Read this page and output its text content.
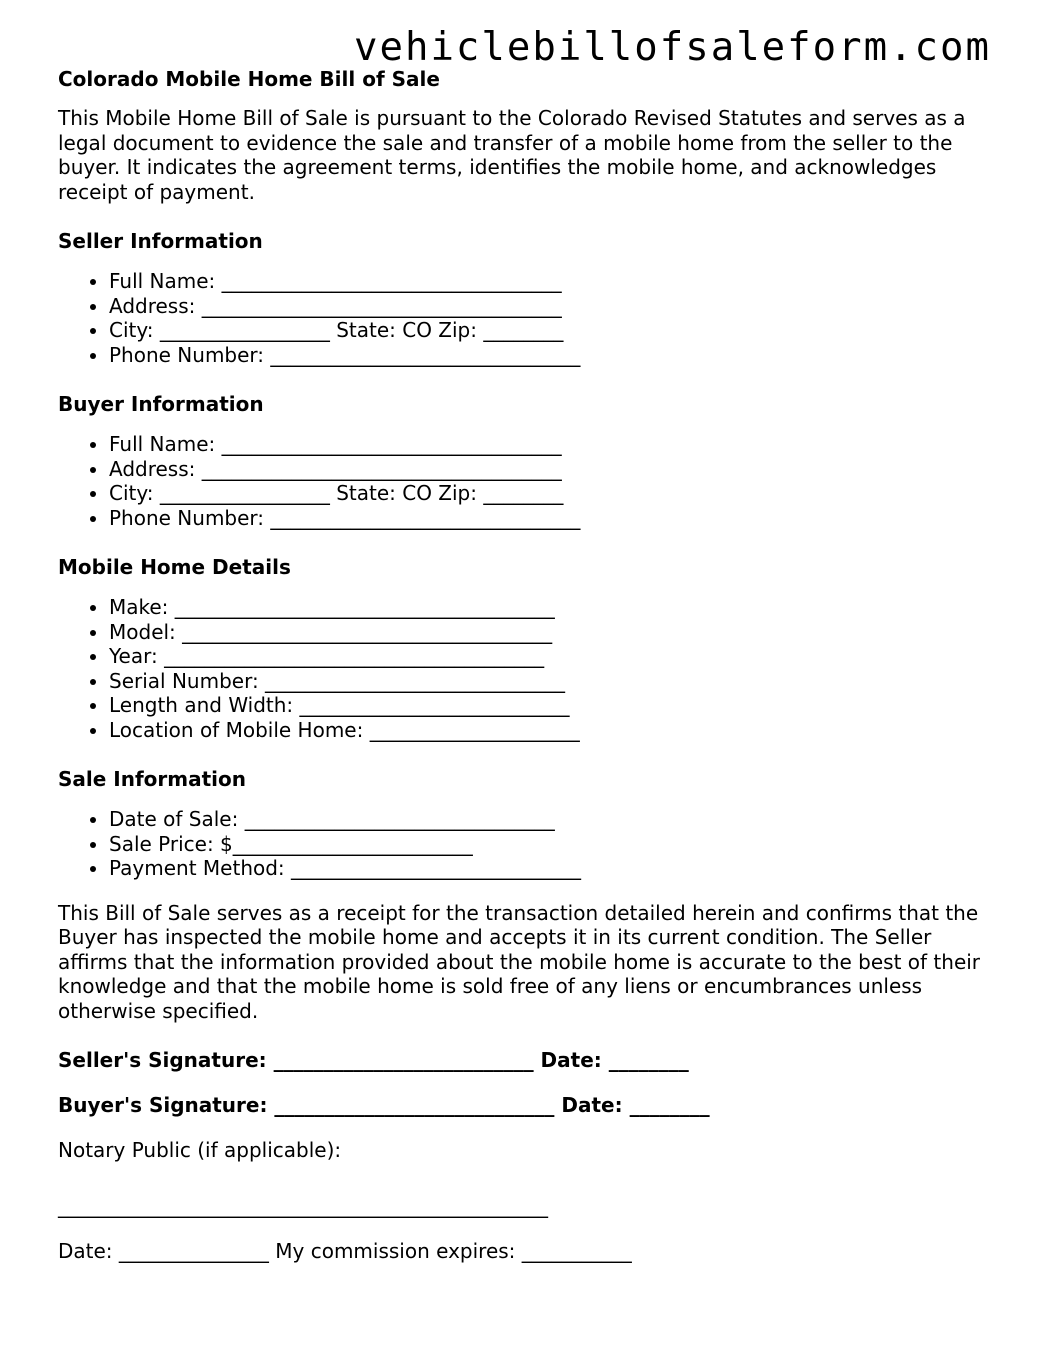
vehiclebillofsaleform.com
Colorado Mobile Home Bill of Sale

This Mobile Home Bill of Sale is pursuant to the Colorado Revised Statutes and serves as a legal document to evidence the sale and transfer of a mobile home from the seller to the buyer. It indicates the agreement terms, identifies the mobile home, and acknowledges receipt of payment.

Seller Information
• Full Name: __________________________________
• Address: ____________________________________
• City: _________________ State: CO Zip: ________
• Phone Number: _______________________________
Buyer Information
• Full Name: __________________________________
• Address: ____________________________________
• City: _________________ State: CO Zip: ________
• Phone Number: _______________________________
Mobile Home Details
• Make: ______________________________________
• Model: _____________________________________
• Year: ______________________________________
• Serial Number: ______________________________
• Length and Width: ___________________________
• Location of Mobile Home: _____________________
Sale Information
• Date of Sale: _______________________________
• Sale Price: $________________________
• Payment Method: _____________________________

This Bill of Sale serves as a receipt for the transaction detailed herein and confirms that the Buyer has inspected the mobile home and accepts it in its current condition. The Seller affirms that the information provided about the mobile home is accurate to the best of their knowledge and that the mobile home is sold free of any liens or encumbrances unless otherwise specified.

Seller's Signature: __________________________ Date: ________

Buyer's Signature: ____________________________ Date: ________

Notary Public (if applicable):

_________________________________________________

Date: _______________ My commission expires: ___________
